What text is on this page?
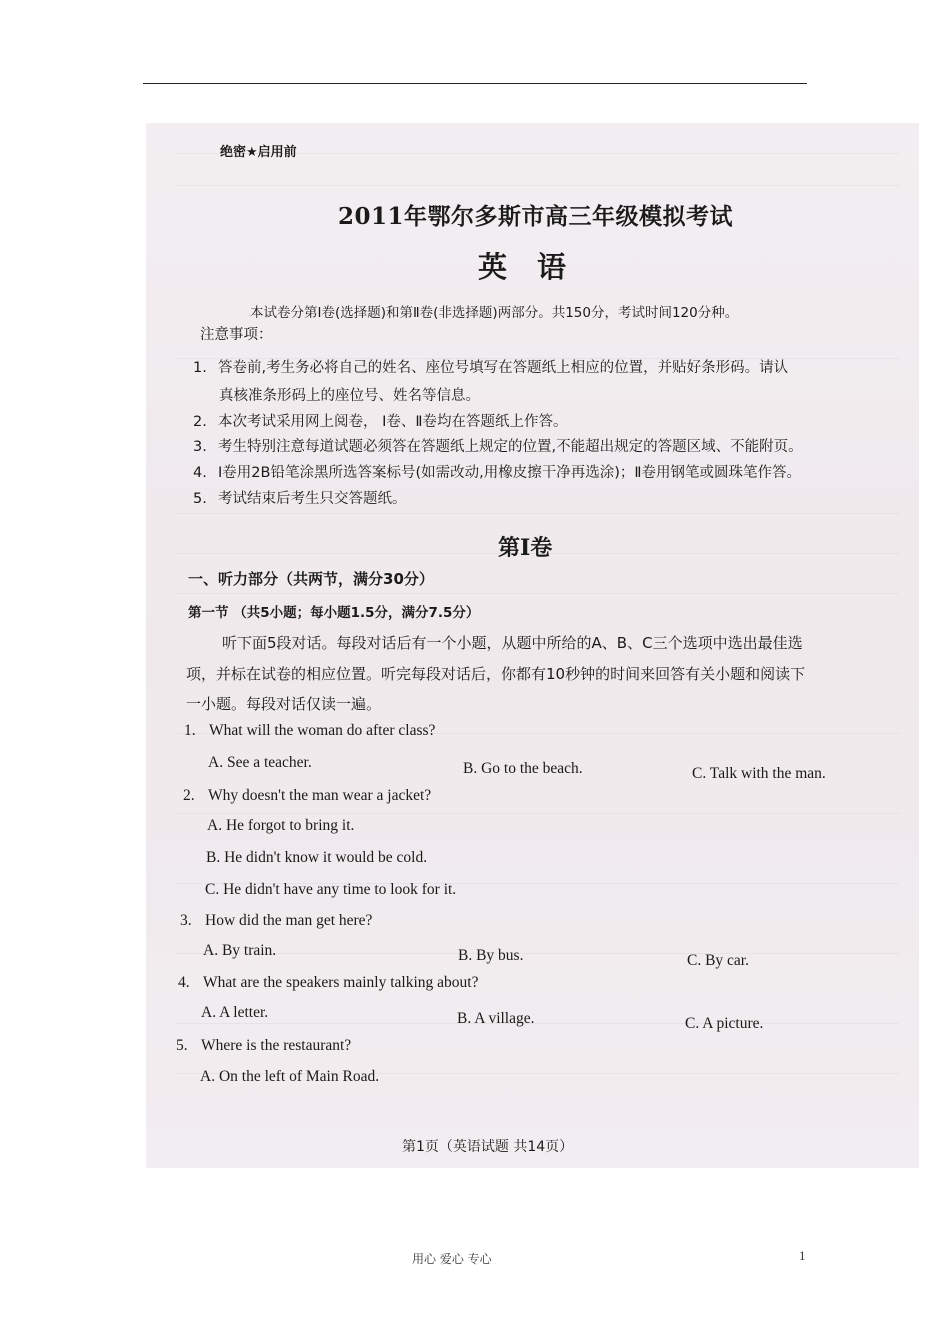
绝密★启用前
2011年鄂尔多斯市高三年级模拟考试
英语
本试卷分第Ⅰ卷(选择题)和第Ⅱ卷(非选择题)两部分。共150分，考试时间120分种。
注意事项：
1. 答卷前,考生务必将自己的姓名、座位号填写在答题纸上相应的位置，并贴好条形码。请认
真核准条形码上的座位号、姓名等信息。
2. 本次考试采用网上阅卷， Ⅰ卷、Ⅱ卷均在答题纸上作答。
3. 考生特别注意每道试题必须答在答题纸上规定的位置,不能超出规定的答题区域、不能附页。
4. Ⅰ卷用2B铅笔涂黑所选答案标号(如需改动,用橡皮擦干净再选涂)；Ⅱ卷用钢笔或圆珠笔作答。
5. 考试结束后考生只交答题纸。
第Ⅰ卷
一、听力部分（共两节，满分30分）
第一节 （共5小题；每小题1.5分，满分7.5分）
听下面5段对话。每段对话后有一个小题，从题中所给的A、B、C三个选项中选出最佳选
项，并标在试卷的相应位置。听完每段对话后，你都有10秒钟的时间来回答有关小题和阅读下
一小题。每段对话仅读一遍。
1. What will the woman do after class?
A. See a teacher.	B. Go to the beach.	C. Talk with the man.
2. Why doesn't the man wear a jacket?
A. He forgot to bring it.
B. He didn't know it would be cold.
C. He didn't have any time to look for it.
3. How did the man get here?
A. By train.	B. By bus.	C. By car.
4. What are the speakers mainly talking about?
A. A letter.	B. A village.	C. A picture.
5. Where is the restaurant?
A. On the left of Main Road.
第1页（英语试题 共14页）
用心 爱心 专心	1
